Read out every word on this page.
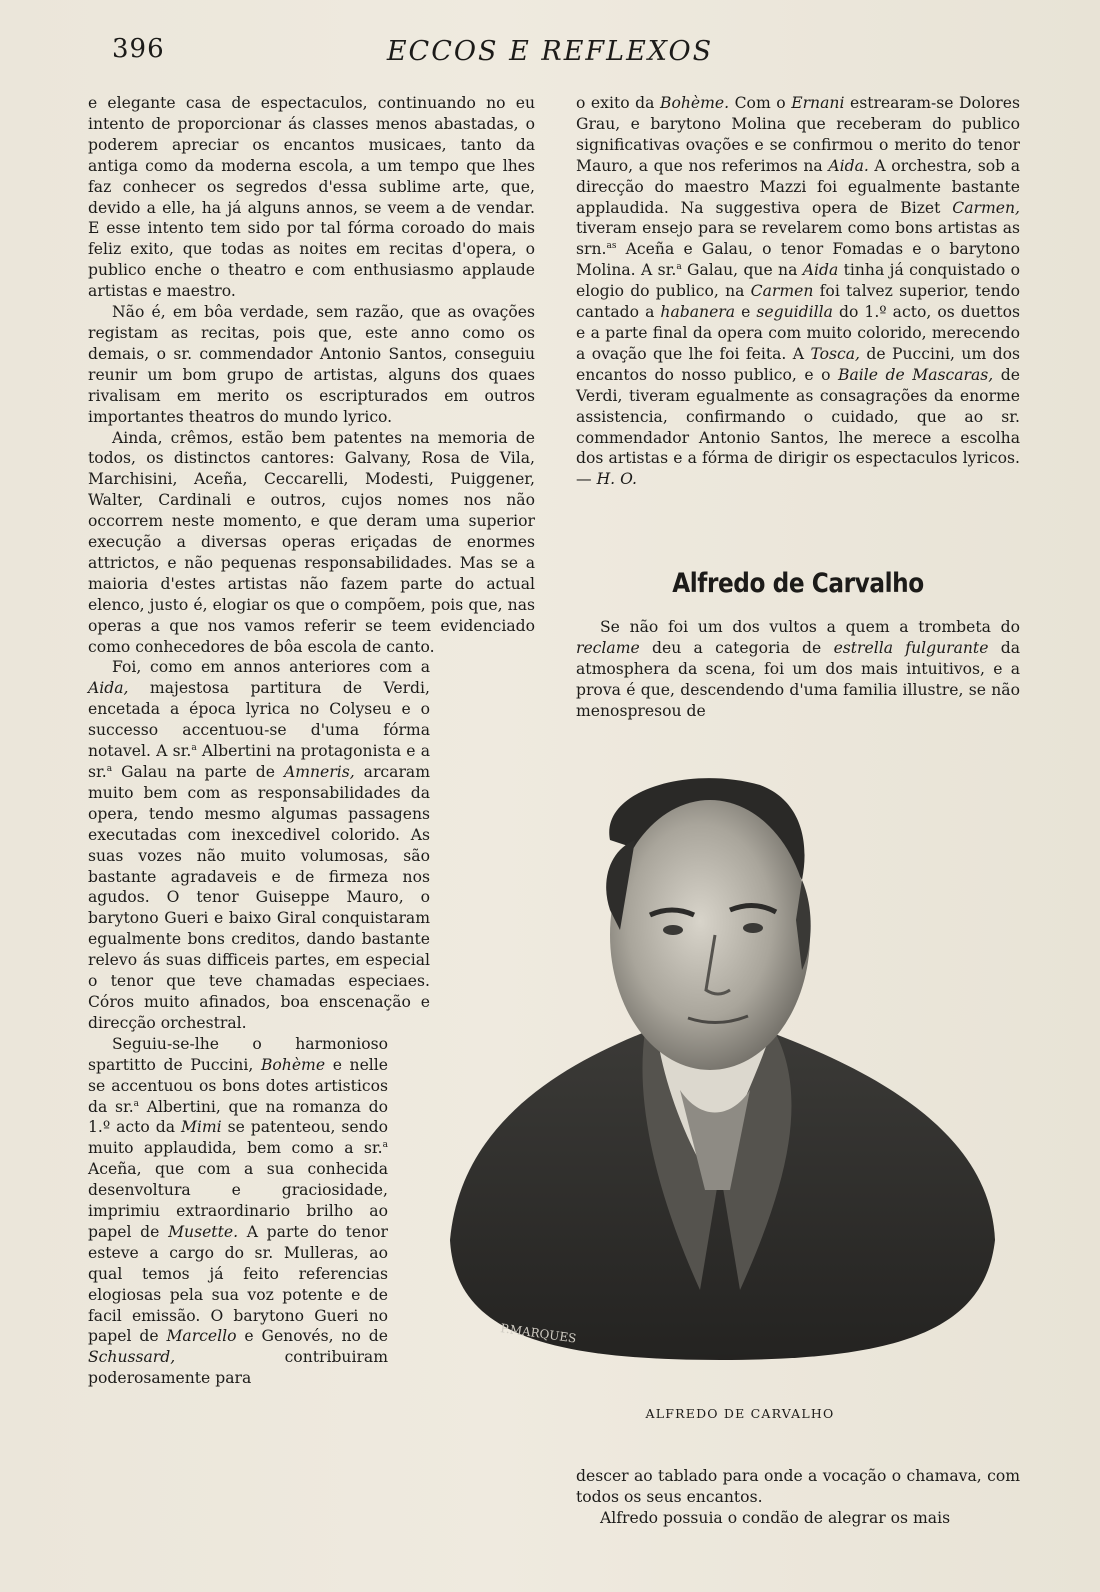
396	ECCOS E REFLEXOS

e elegante casa de espectaculos, continuando no eu intento de proporcionar ás classes menos abastadas, o poderem apreciar os encantos musicaes, tanto da antiga como da moderna escola, a um tempo que lhes faz conhecer os segredos d'essa sublime arte, que, devido a elle, ha já alguns annos, se veem a de vendar. E esse intento tem sido por tal fórma coroado do mais feliz exito, que todas as noites em recitas d'opera, o publico enche o theatro e com enthusiasmo applaude artistas e maestro.

Não é, em bôa verdade, sem razão, que as ovações registam as recitas, pois que, este anno como os demais, o sr. commendador Antonio Santos, conseguiu reunir um bom grupo de artistas, alguns dos quaes rivalisam em merito os escripturados em outros importantes theatros do mundo lyrico.

Ainda, crêmos, estão bem patentes na memoria de todos, os distinctos cantores: Galvany, Rosa de Vila, Marchisini, Aceña, Ceccarelli, Modesti, Puiggener, Walter, Cardinali e outros, cujos nomes nos não occorrem neste momento, e que deram uma superior execução a diversas operas eriçadas de enormes attrictos, e não pequenas responsabilidades. Mas se a maioria d'estes artistas não fazem parte do actual elenco, justo é, elogiar os que o compõem, pois que, nas operas a que nos vamos referir se teem evidenciado como conhecedores de bôa escola de canto.

Foi, como em annos anteriores com a Aida, majestosa partitura de Verdi, encetada a época lyrica no Colyseu e o successo accentuou-se d'uma fórma notavel. A sr.$^a$ Albertini na protagonista e a sr.$^a$ Galau na parte de Amneris, arcaram muito bem com as responsabilidades da opera, tendo mesmo algumas passagens executadas com inexcedivel colorido. As suas vozes não muito volumosas, são bastante agradaveis e de firmeza nos agudos. O tenor Guiseppe Mauro, o barytono Gueri e baixo Giral conquistaram egualmente bons creditos, dando bastante relevo ás suas difficeis partes, em especial o tenor que teve chamadas especiaes. Córos muito afinados, boa enscenação e direcção orchestral.

Seguiu-se-lhe o harmonioso spartitto de Puccini, Bohème e nelle se accentuou os bons dotes artisticos da sr.$^a$ Albertini, que na romanza do 1.º acto da Mimi se patenteou, sendo muito applaudida, bem como a sr.$^a$ Aceña, que com a sua conhecida desenvoltura e graciosidade, imprimiu extraordinario brilho ao papel de Musette. A parte do tenor esteve a cargo do sr. Mulleras, ao qual temos já feito referencias elogiosas pela sua voz potente e de facil emissão. O barytono Gueri no papel de Marcello e Genovés, no de Schussard, contribuiram poderosamente para

o exito da Bohème. Com o Ernani estrearam-se Dolores Grau, e barytono Molina que receberam do publico significativas ovações e se confirmou o merito do tenor Mauro, a que nos referimos na Aida. A orchestra, sob a direcção do maestro Mazzi foi egualmente bastante applaudida. Na suggestiva opera de Bizet Carmen, tiveram ensejo para se revelarem como bons artistas as srn.$^{as}$ Aceña e Galau, o tenor Fomadas e o barytono Molina. A sr.$^a$ Galau, que na Aida tinha já conquistado o elogio do publico, na Carmen foi talvez superior, tendo cantado a habanera e seguidilla do 1.º acto, os duettos e a parte final da opera com muito colorido, merecendo a ovação que lhe foi feita. A Tosca, de Puccini, um dos encantos do nosso publico, e o Baile de Mascaras, de Verdi, tiveram egualmente as consagrações da enorme assistencia, confirmando o cuidado, que ao sr. commendador Antonio Santos, lhe merece a escolha dos artistas e a fórma de dirigir os espectaculos lyricos. — H. O.

Alfredo de Carvalho

Se não foi um dos vultos a quem a trombeta do reclame deu a categoria de estrella fulgurante da atmosphera da scena, foi um dos mais intuitivos, e a prova é que, descendendo d'uma familia illustre, se não menospresou de

P.MARQUES
ALFREDO DE CARVALHO

descer ao tablado para onde a vocação o chamava, com todos os seus encantos.

Alfredo possuia o condão de alegrar os mais
